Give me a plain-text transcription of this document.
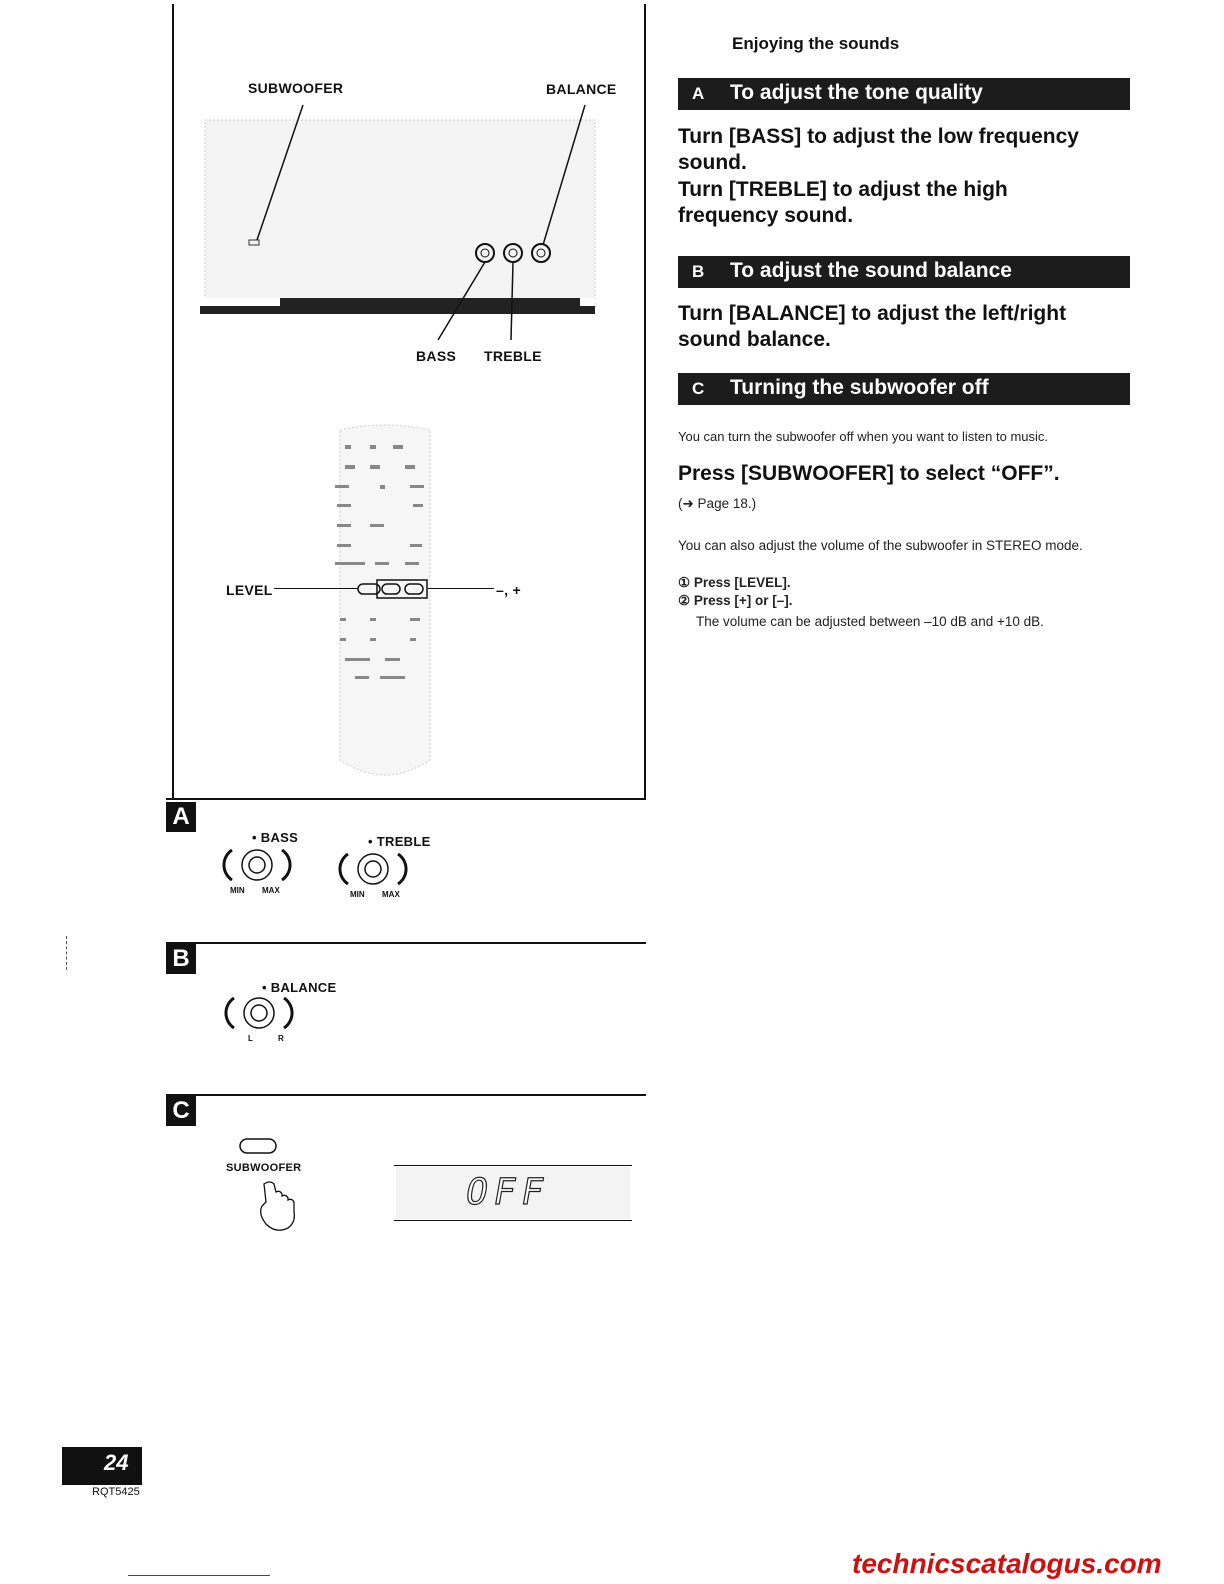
SUBWOOFER	BALANCE
BASS TREBLE
LEVEL	–, +
A
• BASS	• TREBLE
MIN MAX	MIN MAX
B
• BALANCE
L	R
C
SUBWOOFER
OFF
Enjoying the sounds
A To adjust the tone quality
Turn [BASS] to adjust the low frequency sound.
Turn [TREBLE] to adjust the high frequency sound.
B To adjust the sound balance
Turn [BALANCE] to adjust the left/right sound balance.
C Turning the subwoofer off
You can turn the subwoofer off when you want to listen to music.
Press [SUBWOOFER] to select “OFF”.
(➜ Page 18.)
You can also adjust the volume of the subwoofer in STEREO mode.
① Press [LEVEL].
② Press [+] or [–].
The volume can be adjusted between –10 dB and +10 dB.
24
RQT5425
technicscatalogus.com
